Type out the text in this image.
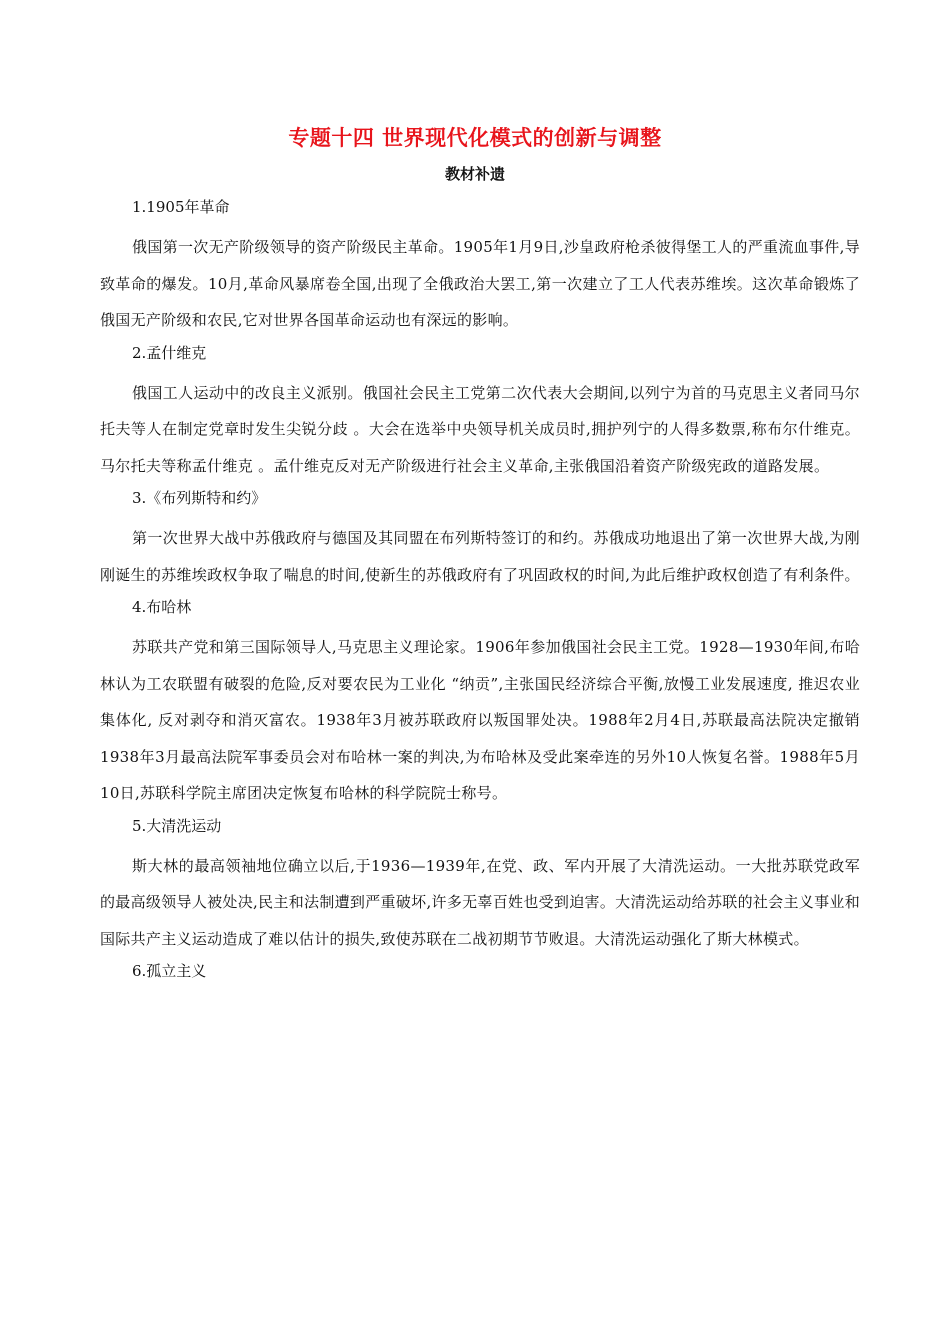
专题十四 世界现代化模式的创新与调整
教材补遗

1.1905年革命

俄国第一次无产阶级领导的资产阶级民主革命。1905年1月9日,沙皇政府枪杀彼得堡工人的严重流血事件,导致革命的爆发。10月,革命风暴席卷全国,出现了全俄政治大罢工,第一次建立了工人代表苏维埃。这次革命锻炼了俄国无产阶级和农民,它对世界各国革命运动也有深远的影响。

2.孟什维克

俄国工人运动中的改良主义派别。俄国社会民主工党第二次代表大会期间,以列宁为首的马克思主义者同马尔托夫等人在制定党章时发生尖锐分歧 。大会在选举中央领导机关成员时,拥护列宁的人得多数票,称布尔什维克。马尔托夫等称孟什维克 。孟什维克反对无产阶级进行社会主义革命,主张俄国沿着资产阶级宪政的道路发展。

3.《布列斯特和约》

第一次世界大战中苏俄政府与德国及其同盟在布列斯特签订的和约。苏俄成功地退出了第一次世界大战,为刚刚诞生的苏维埃政权争取了喘息的时间,使新生的苏俄政府有了巩固政权的时间,为此后维护政权创造了有利条件。

4.布哈林

苏联共产党和第三国际领导人,马克思主义理论家。1906年参加俄国社会民主工党。1928—1930年间,布哈林认为工农联盟有破裂的危险,反对要农民为工业化 “纳贡”,主张国民经济综合平衡,放慢工业发展速度, 推迟农业集体化, 反对剥夺和消灭富农。1938年3月被苏联政府以叛国罪处决。1988年2月4日,苏联最高法院决定撤销1938年3月最高法院军事委员会对布哈林一案的判决,为布哈林及受此案牵连的另外10人恢复名誉。1988年5月 10日,苏联科学院主席团决定恢复布哈林的科学院院士称号。

5.大清洗运动

斯大林的最高领袖地位确立以后,于1936—1939年,在党、政、军内开展了大清洗运动。一大批苏联党政军的最高级领导人被处决,民主和法制遭到严重破坏,许多无辜百姓也受到迫害。大清洗运动给苏联的社会主义事业和国际共产主义运动造成了难以估计的损失,致使苏联在二战初期节节败退。大清洗运动强化了斯大林模式。

6.孤立主义
